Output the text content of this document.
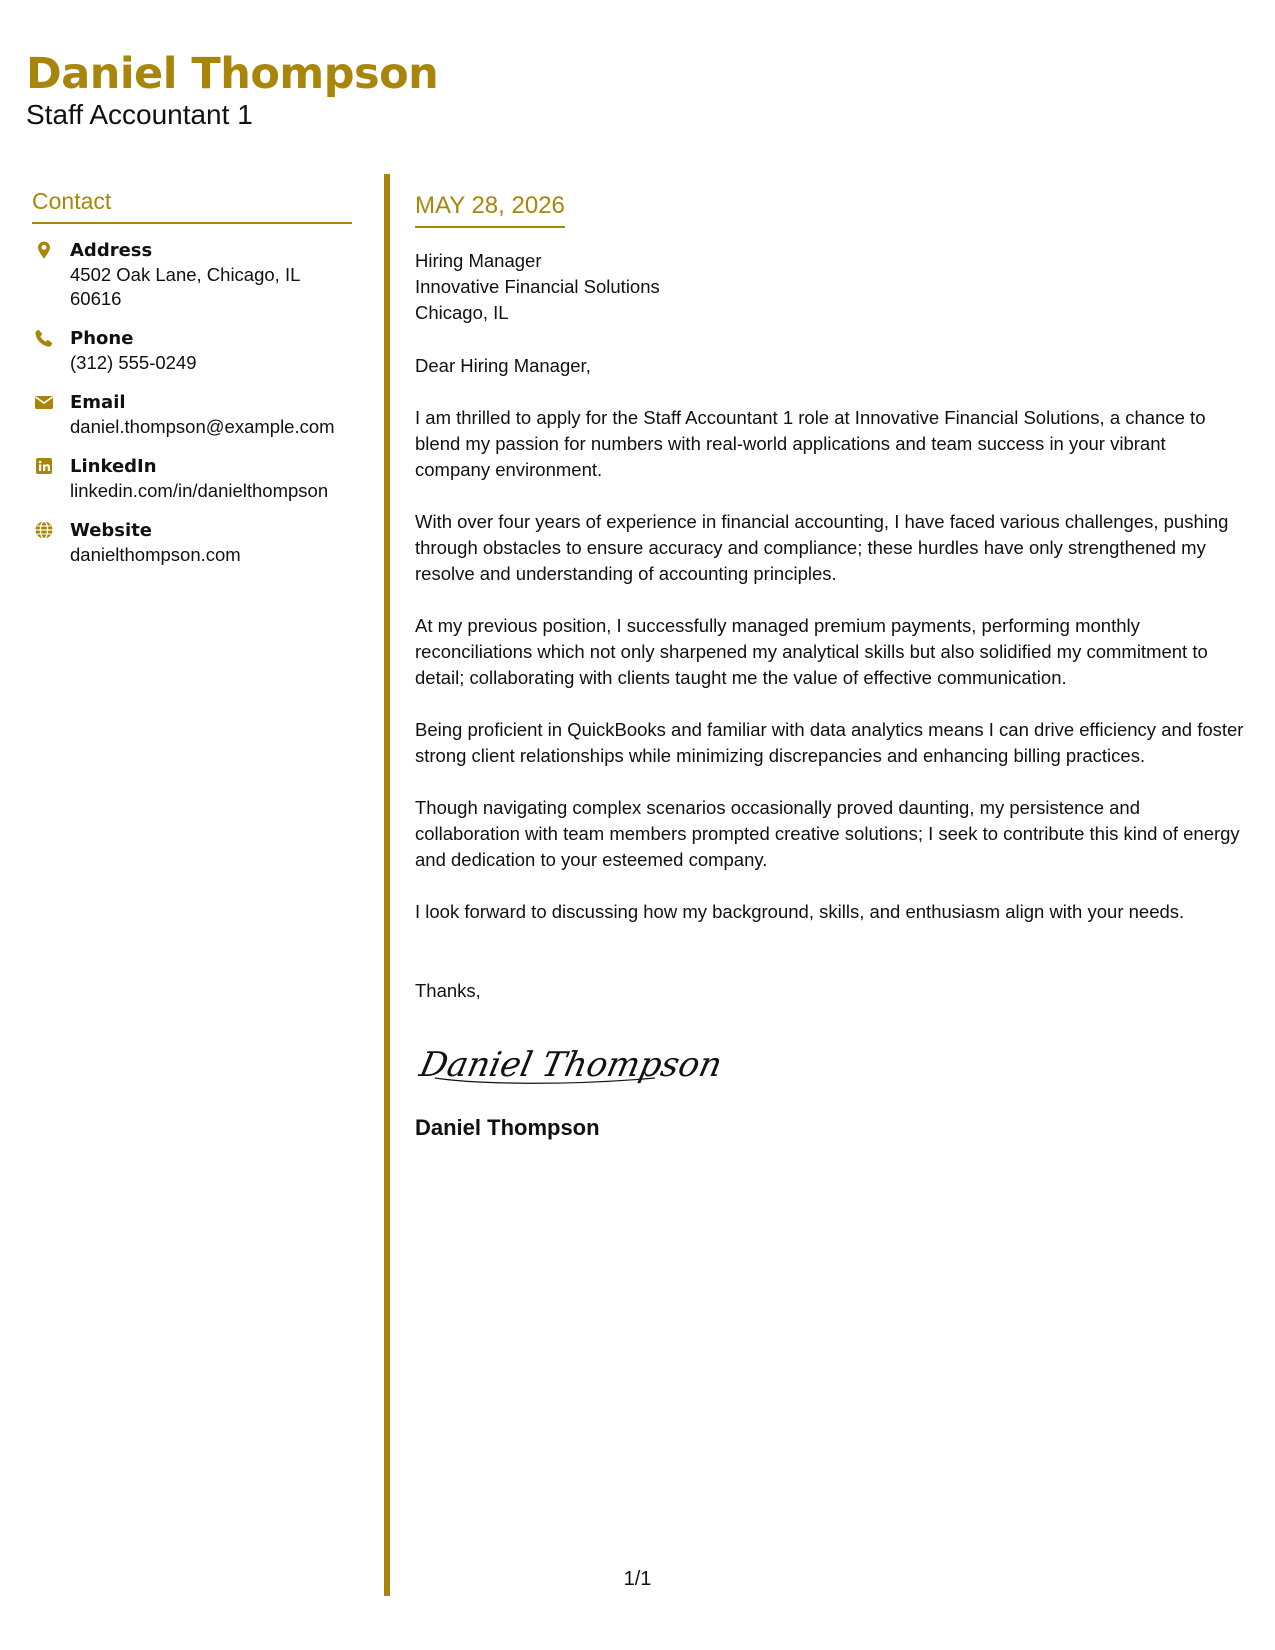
Daniel Thompson
Staff Accountant 1
Contact
Address
4502 Oak Lane, Chicago, IL 60616
Phone
(312) 555-0249
Email
daniel.thompson@example.com
LinkedIn
linkedin.com/in/danielthompson
Website
danielthompson.com
MAY 28, 2026
Hiring Manager
Innovative Financial Solutions
Chicago, IL
Dear Hiring Manager,

I am thrilled to apply for the Staff Accountant 1 role at Innovative Financial Solutions, a chance to blend my passion for numbers with real-world applications and team success in your vibrant company environment.

With over four years of experience in financial accounting, I have faced various challenges, pushing through obstacles to ensure accuracy and compliance; these hurdles have only strengthened my resolve and understanding of accounting principles.

At my previous position, I successfully managed premium payments, performing monthly reconciliations which not only sharpened my analytical skills but also solidified my commitment to detail; collaborating with clients taught me the value of effective communication.

Being proficient in QuickBooks and familiar with data analytics means I can drive efficiency and foster strong client relationships while minimizing discrepancies and enhancing billing practices.

Though navigating complex scenarios occasionally proved daunting, my persistence and collaboration with team members prompted creative solutions; I seek to contribute this kind of energy and dedication to your esteemed company.

I look forward to discussing how my background, skills, and enthusiasm align with your needs.

Thanks,
Daniel Thompson
Daniel Thompson
1/1
